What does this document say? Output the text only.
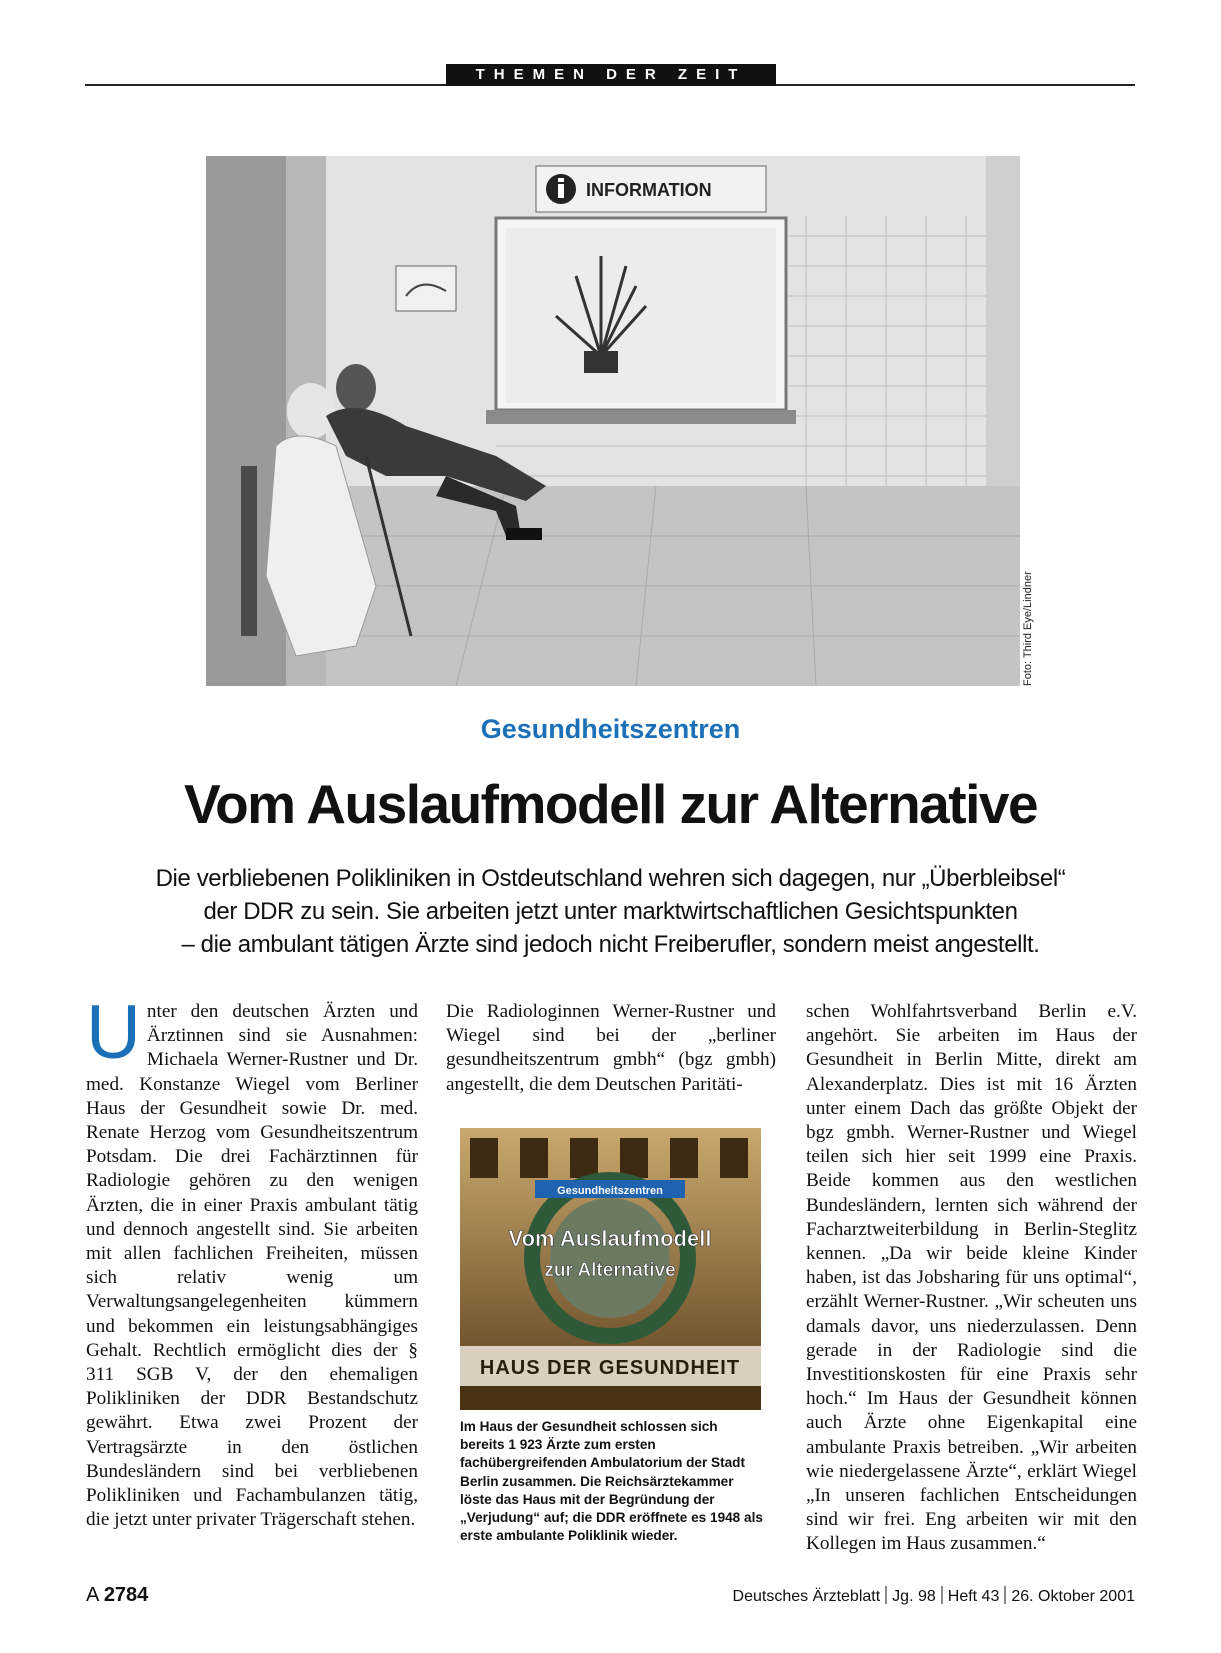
THEMEN DER ZEIT
INFORMATION
Foto: Third Eye/Lindner
Gesundheitszentren
Vom Auslaufmodell zur Alternative
Die verbliebenen Polikliniken in Ostdeutschland wehren sich dagegen, nur „Überbleibsel“
der DDR zu sein. Sie arbeiten jetzt unter marktwirtschaftlichen Gesichtspunkten
– die ambulant tätigen Ärzte sind jedoch nicht Freiberufler, sondern meist angestellt.
Unter den deutschen Ärzten und Ärztinnen sind sie Ausnahmen: Michaela Werner-Rustner und Dr. med. Konstanze Wiegel vom Berliner Haus der Gesundheit sowie Dr. med. Renate Herzog vom Gesundheitszentrum Potsdam. Die drei Fachärztinnen für Radiologie gehören zu den wenigen Ärzten, die in einer Praxis ambulant tätig und dennoch angestellt sind. Sie arbeiten mit allen fachlichen Freiheiten, müssen sich relativ wenig um Verwaltungsangelegenheiten kümmern und bekommen ein leistungsabhängiges Gehalt. Rechtlich ermöglicht dies der § 311 SGB V, der den ehemaligen Polikliniken der DDR Bestandschutz gewährt. Etwa zwei Prozent der Vertragsärzte in den östlichen Bundesländern sind bei verbliebenen Polikliniken und Fachambulanzen tätig, die jetzt unter privater Trägerschaft stehen.
Die Radiologinnen Werner-Rustner und Wiegel sind bei der „berliner gesundheitszentrum gmbh“ (bgz gmbh) angestellt, die dem Deutschen Paritäti-
schen Wohlfahrtsverband Berlin e.V. angehört. Sie arbeiten im Haus der Gesundheit in Berlin Mitte, direkt am Alexanderplatz. Dies ist mit 16 Ärzten unter einem Dach das größte Objekt der bgz gmbh. Werner-Rustner und Wiegel teilen sich hier seit 1999 eine Praxis. Beide kommen aus den westlichen Bundesländern, lernten sich während der Facharztweiterbildung in Berlin-Steglitz kennen. „Da wir beide kleine Kinder haben, ist das Jobsharing für uns optimal“, erzählt Werner-Rustner. „Wir scheuten uns damals davor, uns niederzulassen. Denn gerade in der Radiologie sind die Investitionskosten für eine Praxis sehr hoch.“ Im Haus der Gesundheit können auch Ärzte ohne Eigenkapital eine ambulante Praxis betreiben. „Wir arbeiten wie niedergelassene Ärzte“, erklärt Wiegel „In unseren fachlichen Entscheidungen sind wir frei. Eng arbeiten wir mit den Kollegen im Haus zusammen.“
Gesundheitszentren
Vom Auslaufmodell
zur Alternative
HAUS DER GESUNDHEIT
Im Haus der Gesundheit schlossen sich bereits 1 923 Ärzte zum ersten fachübergreifenden Ambulatorium der Stadt Berlin zusammen. Die Reichsärztekammer löste das Haus mit der Begründung der „Verjudung“ auf; die DDR eröffnete es 1948 als erste ambulante Poliklinik wieder.
A 2784	Deutsches Ärzteblatt Jg. 98 Heft 43 26. Oktober 2001
